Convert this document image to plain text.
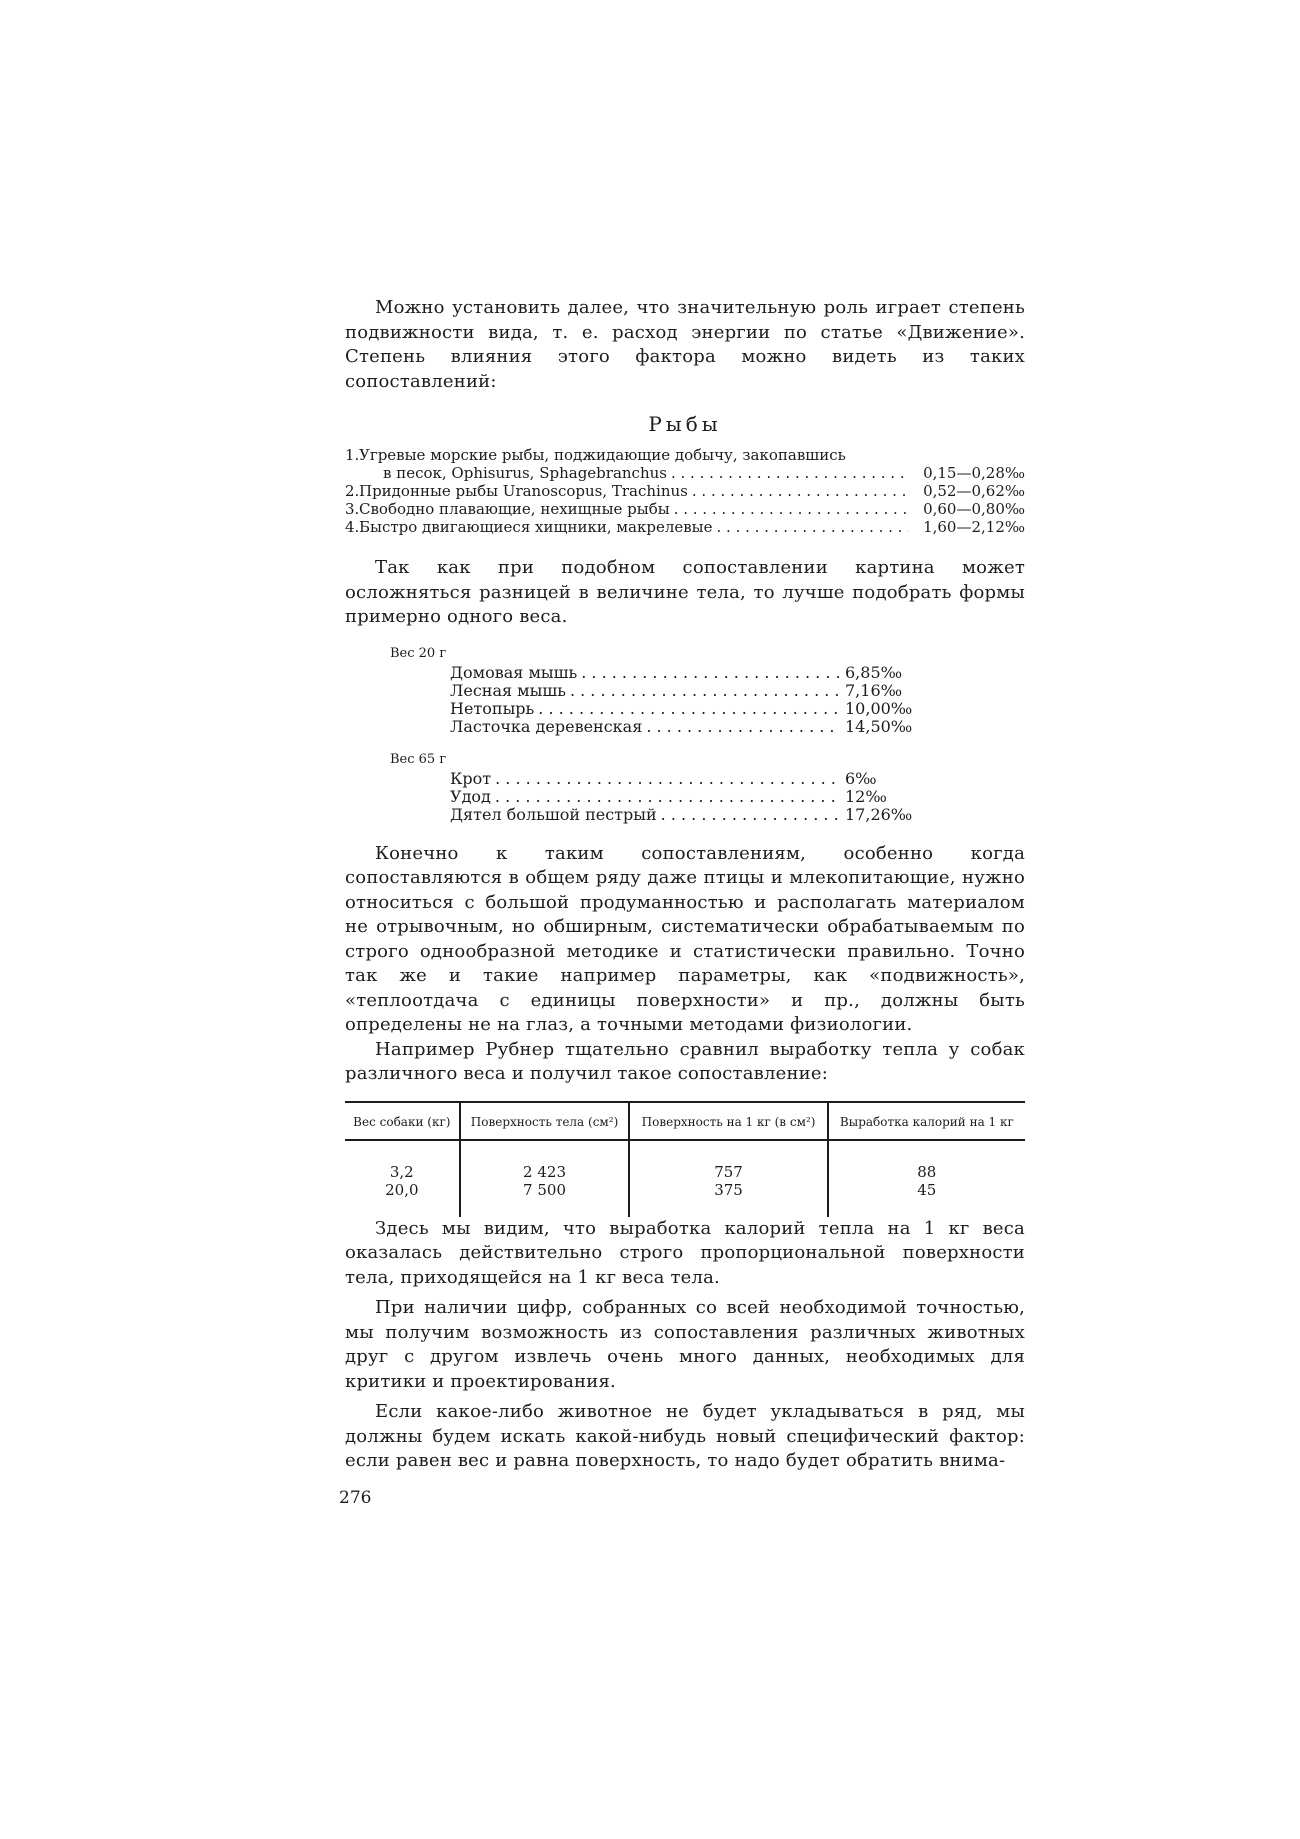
Можно установить далее, что значительную роль играет степень подвижности вида, т. е. расход энергии по статье «Движение». Степень влияния этого фактора можно видеть из таких сопоставлений:

Рыбы
1. Угревые морские рыбы, поджидающие добычу, закопавшись
в песок, Ophisurus, Sphagebranchus . . .	0,15—0,28‰
2. Придонные рыбы Uranoscopus, Trachinus . . .	0,52—0,62‰
3. Свободно плавающие, нехищные рыбы . . .	0,60—0,80‰
4. Быстро двигающиеся хищники, макрелевые . . .	1,60—2,12‰

Так как при подобном сопоставлении картина может осложняться разницей в величине тела, то лучше подобрать формы примерно одного веса.

Вес 20 г
Домовая мышь . . .	6,85‰
Лесная мышь . . .	7,16‰
Нетопырь . . .	10,00‰
Ласточка деревенская . . .	14,50‰
Вес 65 г
Крот . . .	6‰
Удод . . .	12‰
Дятел большой пестрый . . .	17,26‰

Конечно к таким сопоставлениям, особенно когда сопоставляются в общем ряду даже птицы и млекопитающие, нужно относиться с большой продуманностью и располагать материалом не отрывочным, но обширным, систематически обрабатываемым по строго однообразной методике и статистически правильно. Точно так же и такие например параметры, как «подвижность», «теплоотдача с единицы поверхности» и пр., должны быть определены не на глаз, а точными методами физиологии.

Например Рубнер тщательно сравнил выработку тепла у собак различного веса и получил такое сопоставление:

Вес собаки (кг)	Поверхность тела (см²)	Поверхность на 1 кг (в см²)	Выработка калорий на 1 кг

3,2	2 423	757	88
20,0	7 500	375	45

Здесь мы видим, что выработка калорий тепла на 1 кг веса оказалась действительно строго пропорциональной поверхности тела, приходящейся на 1 кг веса тела.

При наличии цифр, собранных со всей необходимой точностью, мы получим возможность из сопоставления различных животных друг с другом извлечь очень много данных, необходимых для критики и проектирования.

Если какое-либо животное не будет укладываться в ряд, мы должны будем искать какой-нибудь новый специфический фактор: если равен вес и равна поверхность, то надо будет обратить внима-

276
